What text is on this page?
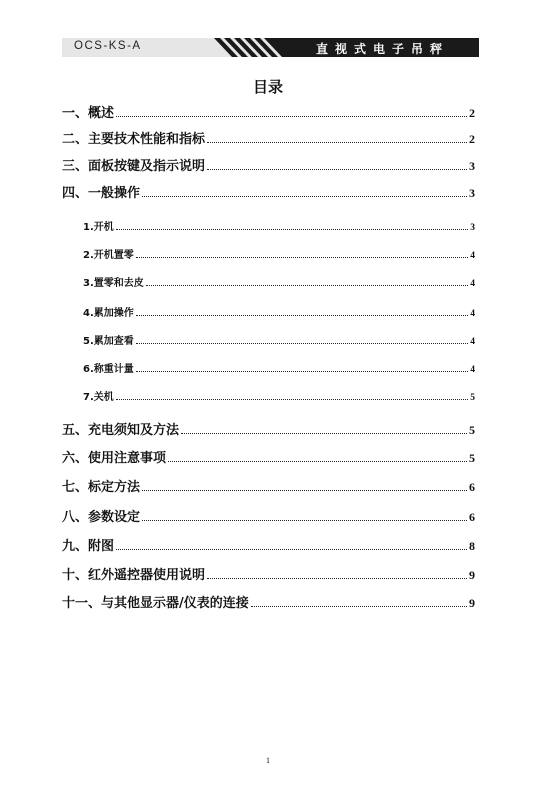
OCS-KS-A	直视式电子吊秤
目录
一、概述	2
二、主要技术性能和指标	2
三、面板按键及指示说明	3
四、一般操作	3
1.开机	3
2.开机置零	4
3.置零和去皮	4
4.累加操作	4
5.累加查看	4
6.称重计量	4
7.关机	5
五、充电须知及方法	5
六、使用注意事项	5
七、标定方法	6
八、参数设定	6
九、附图	8
十、红外遥控器使用说明	9
十一、与其他显示器/仪表的连接	9
1
